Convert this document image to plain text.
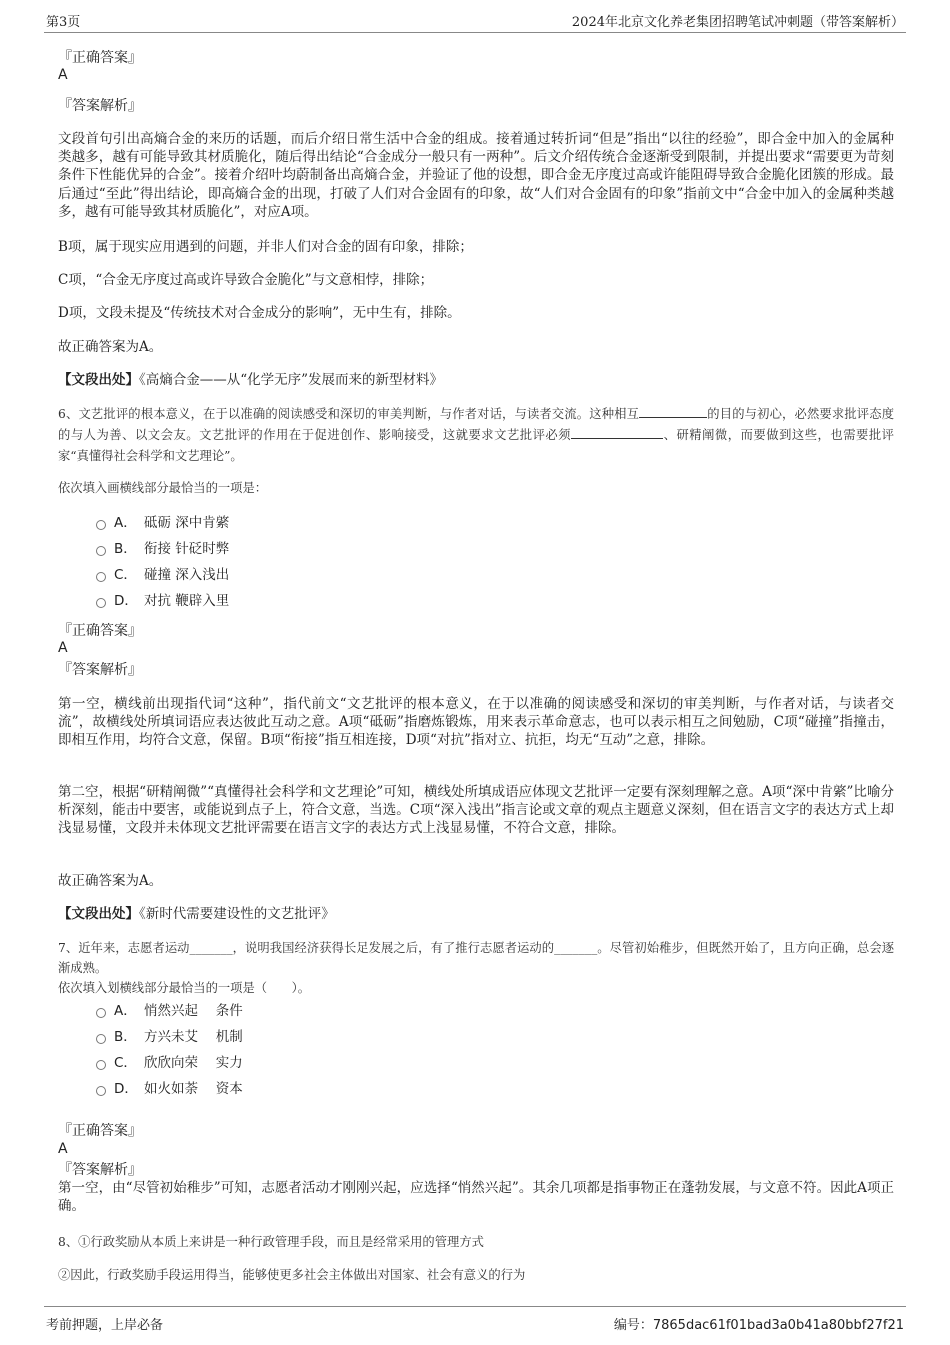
第3页	2024年北京文化养老集团招聘笔试冲刺题（带答案解析）
『正确答案』
A
『答案解析』
文段首句引出高熵合金的来历的话题，而后介绍日常生活中合金的组成。接着通过转折词“但是”指出“以往的经验”，即合金中加入的金属种类越多，越有可能导致其材质脆化，随后得出结论“合金成分一般只有一两种”。后文介绍传统合金逐渐受到限制，并提出要求“需要更为苛刻条件下性能优异的合金”。接着介绍叶均蔚制备出高熵合金，并验证了他的设想，即合金无序度过高或许能阻碍导致合金脆化团簇的形成。最后通过“至此”得出结论，即高熵合金的出现，打破了人们对合金固有的印象，故“人们对合金固有的印象”指前文中“合金中加入的金属种类越多，越有可能导致其材质脆化”，对应A项。
B项，属于现实应用遇到的问题，并非人们对合金的固有印象，排除；
C项，“合金无序度过高或许导致合金脆化”与文意相悖，排除；
D项，文段未提及“传统技术对合金成分的影响”，无中生有，排除。
故正确答案为A。
【文段出处】《高熵合金——从“化学无序”发展而来的新型材料》
6、文艺批评的根本意义，在于以准确的阅读感受和深切的审美判断，与作者对话，与读者交流。这种相互	的目的与初心，必然要求批评态度的与人为善、以文会友。文艺批评的作用在于促进创作、影响接受，这就要求文艺批评必须	、研精阐微，而要做到这些，也需要批评家“真懂得社会科学和文艺理论”。
依次填入画横线部分最恰当的一项是：
A． 砥砺 深中肯綮
B． 衔接 针砭时弊
C． 碰撞 深入浅出
D． 对抗 鞭辟入里
『正确答案』
A
『答案解析』
第一空，横线前出现指代词“这种”，指代前文“文艺批评的根本意义，在于以准确的阅读感受和深切的审美判断，与作者对话，与读者交流”，故横线处所填词语应表达彼此互动之意。A项“砥砺”指磨炼锻炼，用来表示革命意志，也可以表示相互之间勉励，C项“碰撞”指撞击，即相互作用，均符合文意，保留。B项“衔接”指互相连接，D项“对抗”指对立、抗拒，均无“互动”之意，排除。
第二空，根据“研精阐微”“真懂得社会科学和文艺理论”可知，横线处所填成语应体现文艺批评一定要有深刻理解之意。A项“深中肯綮”比喻分析深刻，能击中要害，或能说到点子上，符合文意，当选。C项“深入浅出”指言论或文章的观点主题意义深刻，但在语言文字的表达方式上却浅显易懂，文段并未体现文艺批评需要在语言文字的表达方式上浅显易懂，不符合文意，排除。
故正确答案为A。
【文段出处】《新时代需要建设性的文艺批评》
7、近年来，志愿者运动_______，说明我国经济获得长足发展之后，有了推行志愿者运动的_______。尽管初始稚步，但既然开始了，且方向正确，总会逐渐成熟。
依次填入划横线部分最恰当的一项是（　　）。
A． 悄然兴起　 条件
B． 方兴未艾　 机制
C． 欣欣向荣　 实力
D． 如火如荼　 资本
『正确答案』
A
『答案解析』
第一空，由“尽管初始稚步”可知，志愿者活动才刚刚兴起，应选择“悄然兴起”。其余几项都是指事物正在蓬勃发展，与文意不符。因此A项正确。
8、①行政奖励从本质上来讲是一种行政管理手段，而且是经常采用的管理方式
②因此，行政奖励手段运用得当，能够使更多社会主体做出对国家、社会有意义的行为
考前押题，上岸必备	编号：7865dac61f01bad3a0b41a80bbf27f21
